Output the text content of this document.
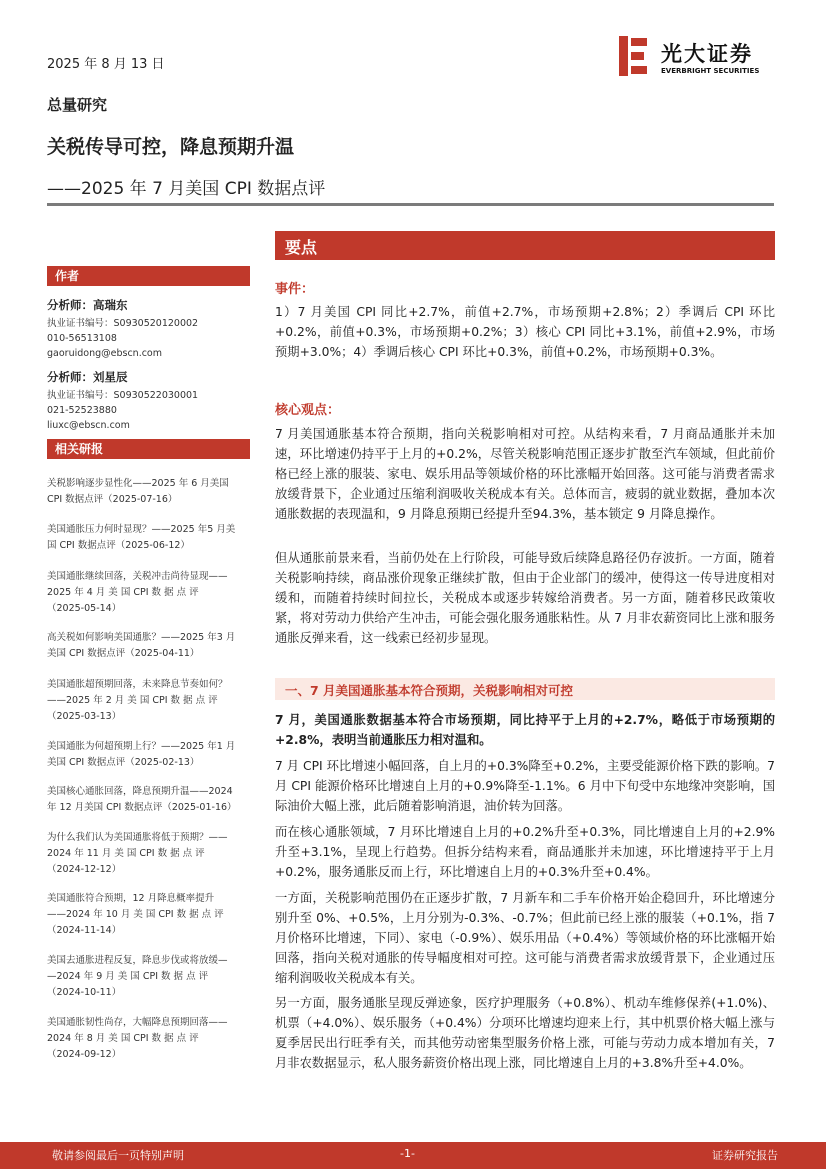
2025 年 8 月 13 日	光大证券
EVERBRIGHT SECURITIES
总量研究
关税传导可控，降息预期升温
——2025 年 7 月美国 CPI 数据点评
作者
分析师：高瑞东
执业证书编号：S0930520120002
010-56513108
gaoruidong@ebscn.com
分析师：刘星辰
执业证书编号：S0930522030001
021-52523880
liuxc@ebscn.com
相关研报
关税影响逐步显性化——2025 年 6 月美国
CPI 数据点评（2025-07-16）
美国通胀压力何时显现？——2025 年5 月美
国 CPI 数据点评（2025-06-12）
美国通胀继续回落，关税冲击尚待显现——
2025 年 4 月 美 国 CPI 数 据 点 评
（2025-05-14）
高关税如何影响美国通胀？——2025 年3 月
美国 CPI 数据点评（2025-04-11）
美国通胀超预期回落，未来降息节奏如何？
——2025 年 2 月 美 国 CPI 数 据 点 评
（2025-03-13）
美国通胀为何超预期上行？——2025 年1 月
美国 CPI 数据点评（2025-02-13）
美国核心通胀回落，降息预期升温——2024
年 12 月美国 CPI 数据点评（2025-01-16）
为什么我们认为美国通胀将低于预期？——
2024 年 11 月 美 国 CPI 数 据 点 评
（2024-12-12）
美国通胀符合预期，12 月降息概率提升
——2024 年 10 月 美 国 CPI 数 据 点 评
（2024-11-14）
美国去通胀进程反复，降息步伐或将放缓—
—2024 年 9 月 美 国 CPI 数 据 点 评
（2024-10-11）
美国通胀韧性尚存，大幅降息预期回落——
2024 年 8 月 美 国 CPI 数 据 点 评
（2024-09-12）
要点
事件：
1）7 月美国 CPI 同比+2.7%，前值+2.7%，市场预期+2.8%；2）季调后 CPI 环比+0.2%，前值+0.3%，市场预期+0.2%；3）核心 CPI 同比+3.1%，前值+2.9%，市场预期+3.0%；4）季调后核心 CPI 环比+0.3%，前值+0.2%，市场预期+0.3%。
核心观点：
7 月美国通胀基本符合预期，指向关税影响相对可控。从结构来看，7 月商品通胀并未加速，环比增速仍持平于上月的+0.2%，尽管关税影响范围正逐步扩散至汽车领域，但此前价格已经上涨的服装、家电、娱乐用品等领域价格的环比涨幅开始回落。这可能与消费者需求放缓背景下，企业通过压缩利润吸收关税成本有关。总体而言，疲弱的就业数据，叠加本次通胀数据的表现温和，9 月降息预期已经提升至94.3%，基本锁定 9 月降息操作。
但从通胀前景来看，当前仍处在上行阶段，可能导致后续降息路径仍存波折。一方面，随着关税影响持续，商品涨价现象正继续扩散，但由于企业部门的缓冲，使得这一传导进度相对缓和，而随着持续时间拉长，关税成本或逐步转嫁给消费者。另一方面，随着移民政策收紧，将对劳动力供给产生冲击，可能会强化服务通胀粘性。从 7 月非农薪资同比上涨和服务通胀反弹来看，这一线索已经初步显现。
一、7 月美国通胀基本符合预期，关税影响相对可控
7 月，美国通胀数据基本符合市场预期，同比持平于上月的+2.7%，略低于市场预期的+2.8%，表明当前通胀压力相对温和。
7 月 CPI 环比增速小幅回落，自上月的+0.3%降至+0.2%，主要受能源价格下跌的影响。7 月 CPI 能源价格环比增速自上月的+0.9%降至-1.1%。6 月中下旬受中东地缘冲突影响，国际油价大幅上涨，此后随着影响消退，油价转为回落。
而在核心通胀领域，7 月环比增速自上月的+0.2%升至+0.3%，同比增速自上月的+2.9%升至+3.1%，呈现上行趋势。但拆分结构来看，商品通胀并未加速，环比增速持平于上月+0.2%，服务通胀反而上行，环比增速自上月的+0.3%升至+0.4%。
一方面，关税影响范围仍在正逐步扩散，7 月新车和二手车价格开始企稳回升，环比增速分别升至 0%、+0.5%，上月分别为-0.3%、-0.7%；但此前已经上涨的服装（+0.1%，指 7 月价格环比增速，下同）、家电（-0.9%）、娱乐用品（+0.4%）等领域价格的环比涨幅开始回落，指向关税对通胀的传导幅度相对可控。这可能与消费者需求放缓背景下，企业通过压缩利润吸收关税成本有关。
另一方面，服务通胀呈现反弹迹象，医疗护理服务（+0.8%）、机动车维修保养(+1.0%)、机票（+4.0%）、娱乐服务（+0.4%）分项环比增速均迎来上行，其中机票价格大幅上涨与夏季居民出行旺季有关，而其他劳动密集型服务价格上涨，可能与劳动力成本增加有关，7 月非农数据显示，私人服务薪资价格出现上涨，同比增速自上月的+3.8%升至+4.0%。
敬请参阅最后一页特别声明	-1-	证券研究报告
